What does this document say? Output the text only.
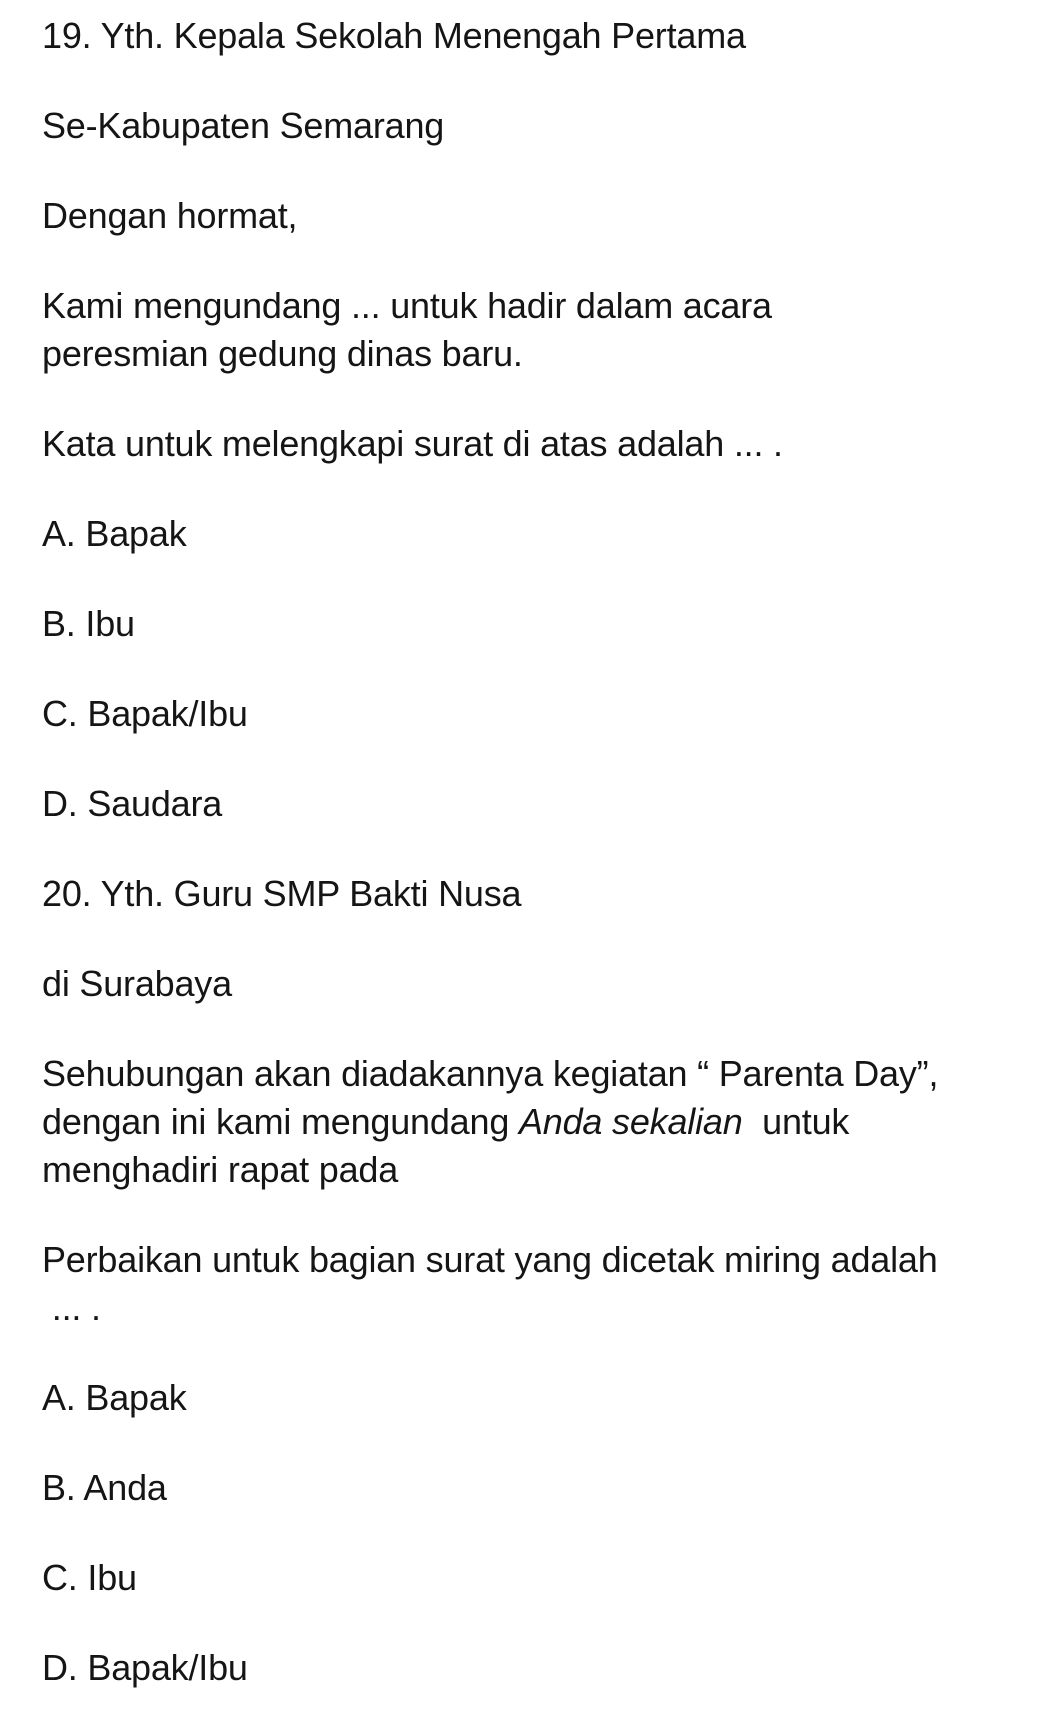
19. Yth. Kepala Sekolah Menengah Pertama

Se-Kabupaten Semarang

Dengan hormat,

Kami mengundang ... untuk hadir dalam acara

peresmian gedung dinas baru.

Kata untuk melengkapi surat di atas adalah ... .

A. Bapak

B. Ibu

C. Bapak/Ibu

D. Saudara

20. Yth. Guru SMP Bakti Nusa

di Surabaya

Sehubungan akan diadakannya kegiatan “ Parenta Day”,

dengan ini kami mengundang Anda sekalian  untuk

menghadiri rapat pada

Perbaikan untuk bagian surat yang dicetak miring adalah

... .

A. Bapak

B. Anda

C. Ibu

D. Bapak/Ibu
